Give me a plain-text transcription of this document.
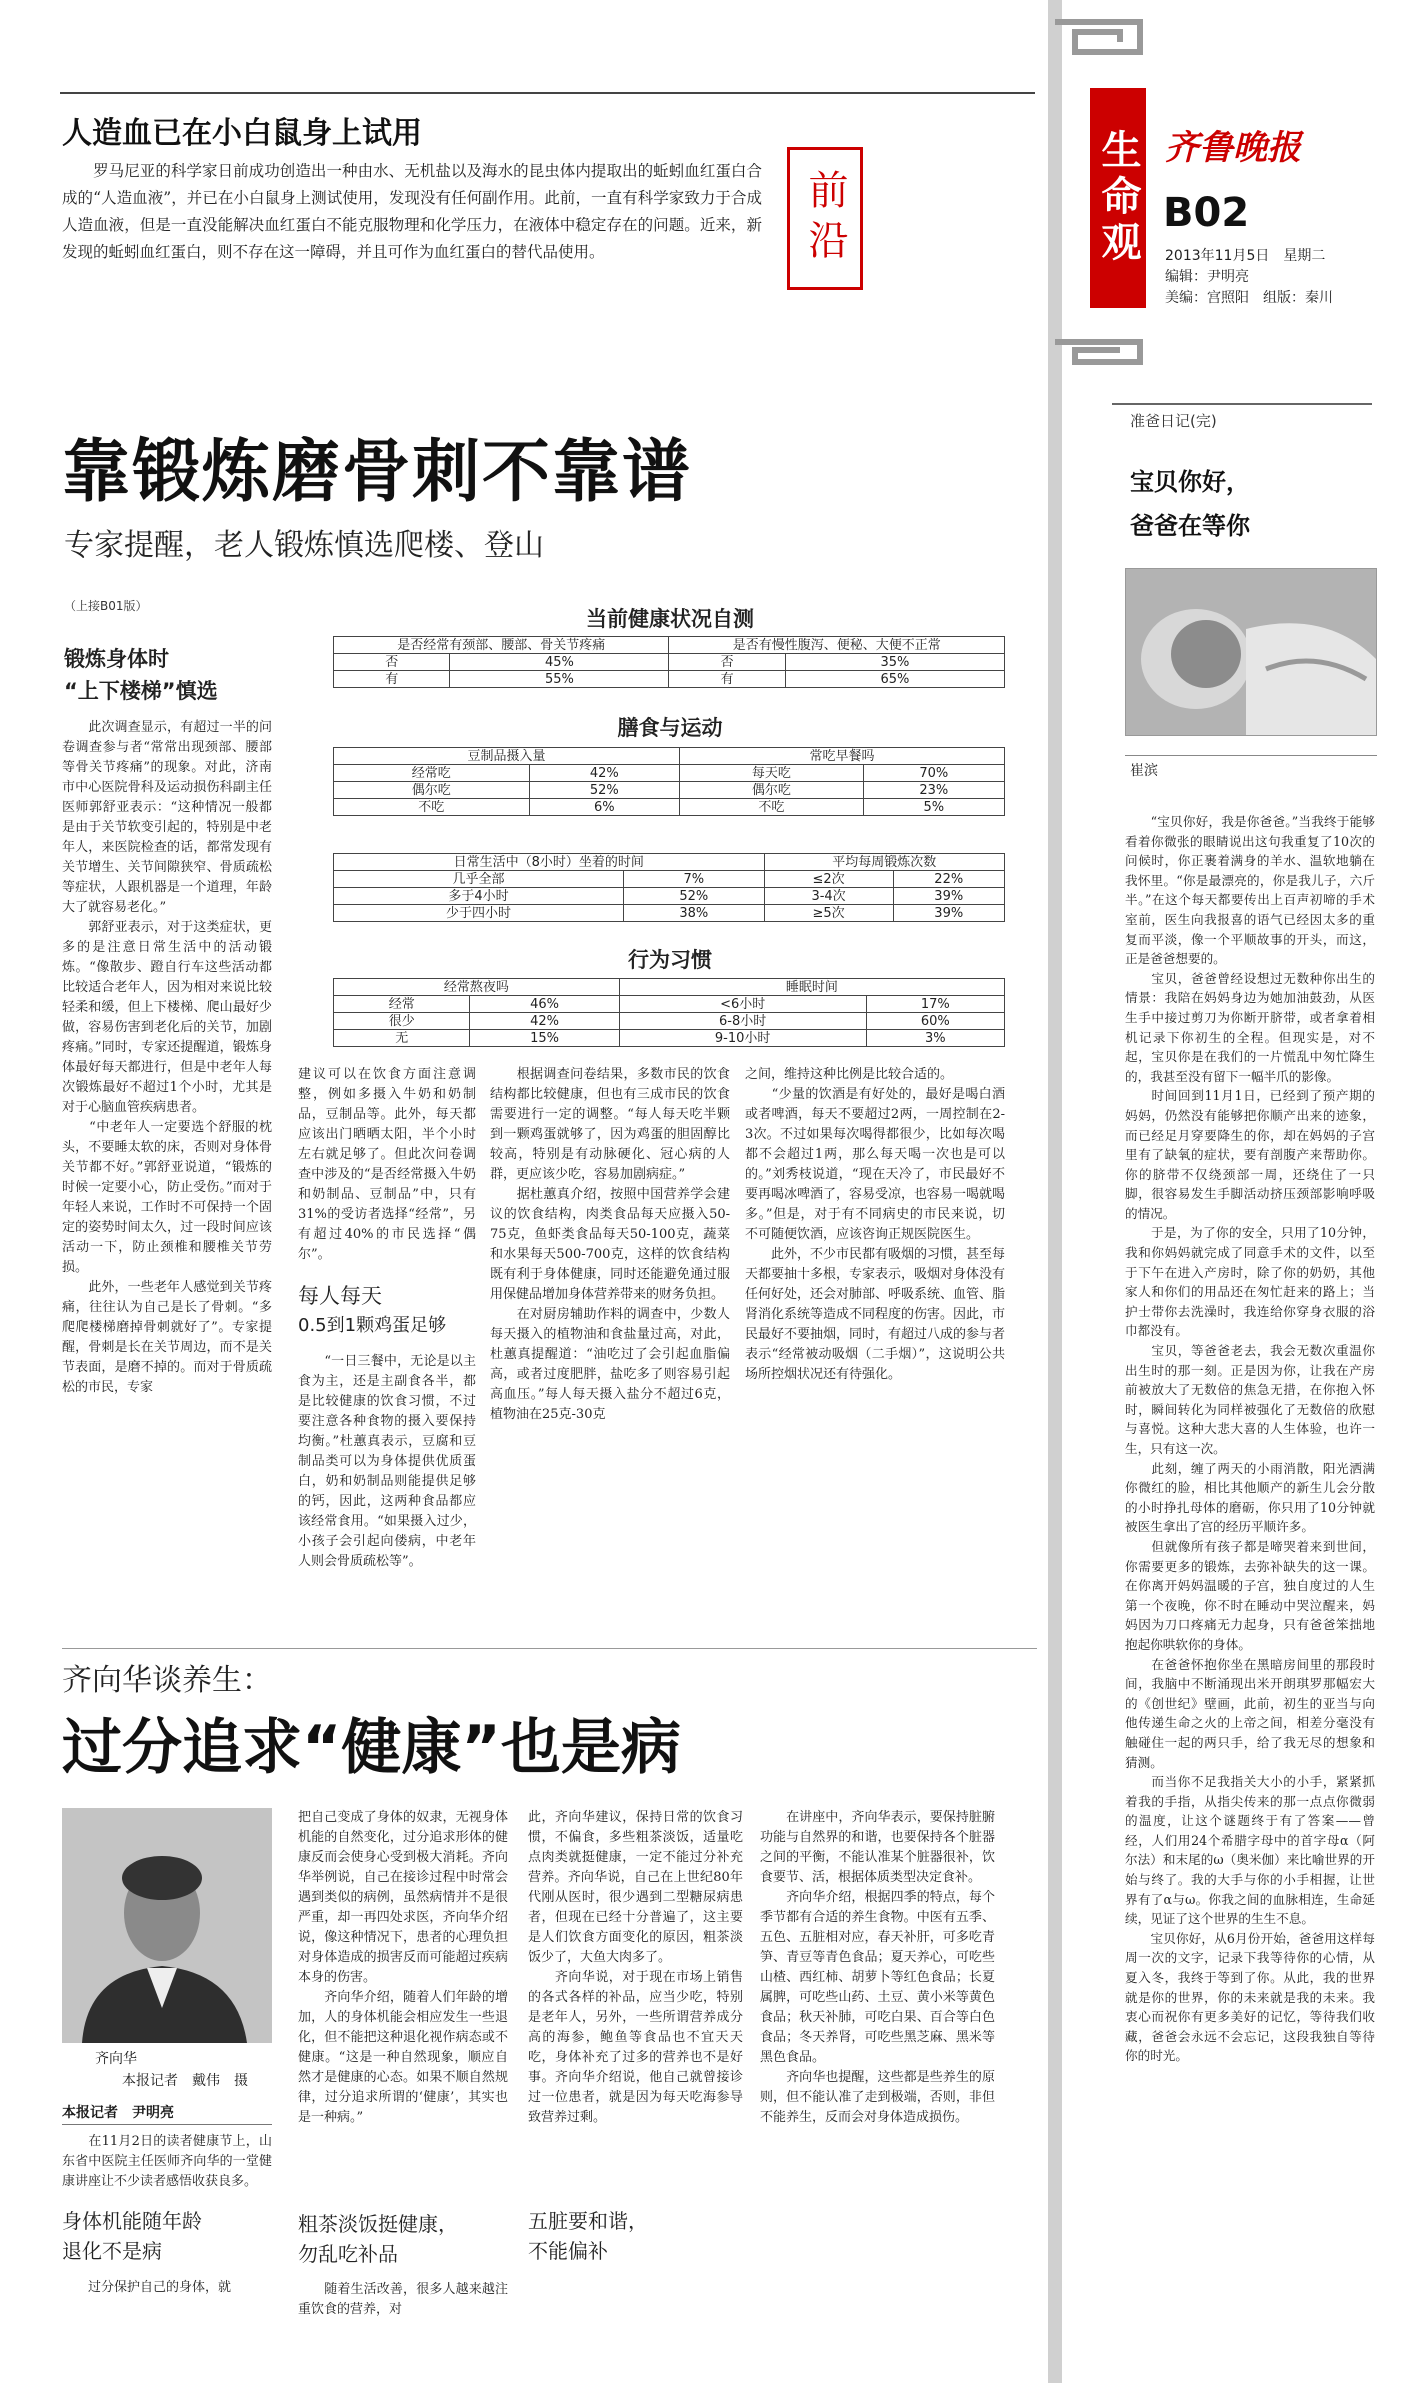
人造血已在小白鼠身上试用
　　罗马尼亚的科学家日前成功创造出一种由水、无机盐以及海水的昆虫体内提取出的蚯蚓血红蛋白合成的“人造血液”，并已在小白鼠身上测试使用，发现没有任何副作用。此前，一直有科学家致力于合成人造血液，但是一直没能解决血红蛋白不能克服物理和化学压力，在液体中稳定存在的问题。近来，新发现的蚯蚓血红蛋白，则不存在这一障碍，并且可作为血红蛋白的替代品使用。	前沿	生命观 齐鲁晚报
B02
2013年11月5日　星期二
编辑：尹明亮
美编：宫照阳　组版：秦川
靠锻炼磨骨刺不靠谱
专家提醒，老人锻炼慎选爬楼、登山
（上接B01版）
锻炼身体时
“上下楼梯”慎选
　　此次调查显示，有超过一半的问卷调查参与者“常常出现颈部、腰部等骨关节疼痛”的现象。对此，济南市中心医院骨科及运动损伤科副主任医师郭舒亚表示：“这种情况一般都是由于关节软变引起的，特别是中老年人，来医院检查的话，都常发现有关节增生、关节间隙狭窄、骨质疏松等症状，人跟机器是一个道理，年龄大了就容易老化。”
　　郭舒亚表示，对于这类症状，更多的是注意日常生活中的活动锻炼。“像散步、蹬自行车这些活动都比较适合老年人，因为相对来说比较轻柔和缓，但上下楼梯、爬山最好少做，容易伤害到老化后的关节，加剧疼痛。”同时，专家还提醒道，锻炼身体最好每天都进行，但是中老年人每次锻炼最好不超过1个小时，尤其是对于心脑血管疾病患者。
　　“中老年人一定要选个舒服的枕头，不要睡太软的床，否则对身体骨关节都不好。”郭舒亚说道，“锻炼的时候一定要小心，防止受伤。”而对于年轻人来说，工作时不可保持一个固定的姿势时间太久，过一段时间应该活动一下，防止颈椎和腰椎关节劳损。
　　此外，一些老年人感觉到关节疼痛，往往认为自己是长了骨刺。“多爬爬楼梯磨掉骨刺就好了”。专家提醒，骨刺是长在关节周边，而不是关节表面，是磨不掉的。而对于骨质疏松的市民，专家
当前健康状况自测
是否经常有颈部、腰部、骨关节疼痛		是否有慢性腹泻、便秘、大便不正常	
否	45%	否	35%
有	55%	有	65%
膳食与运动
豆制品摄入量		常吃早餐吗	
经常吃	42%	每天吃	70%
偶尔吃	52%	偶尔吃	23%
不吃	6%	不吃	5%
日常生活中（8小时）坐着的时间		平均每周锻炼次数	
几乎全部	7%	≤2次	22%
多于4小时	52%	3-4次	39%
少于四小时	38%	≥5次	39%
行为习惯
经常熬夜吗		睡眠时间	
经常	46%	<6小时	17%
很少	42%	6-8小时	60%
无	15%	9-10小时	3%
建议可以在饮食方面注意调整，例如多摄入牛奶和奶制品，豆制品等。此外，每天都应该出门晒晒太阳，半个小时左右就足够了。但此次问卷调查中涉及的“是否经常摄入牛奶和奶制品、豆制品”中，只有31%的受访者选择“经常”，另有超过40%的市民选择“偶尔”。
每人每天
0.5到1颗鸡蛋足够
　　“一日三餐中，无论是以主食为主，还是主副食各半，都是比较健康的饮食习惯，不过要注意各种食物的摄入要保持均衡。”杜蕙真表示，豆腐和豆制品类可以为身体提供优质蛋白，奶和奶制品则能提供足够的钙，因此，这两种食品都应该经常食用。“如果摄入过少，小孩子会引起向偻病，中老年人则会骨质疏松等”。
　　根据调查问卷结果，多数市民的饮食结构都比较健康，但也有三成市民的饮食需要进行一定的调整。“每人每天吃半颗到一颗鸡蛋就够了，因为鸡蛋的胆固醇比较高，特别是有动脉硬化、冠心病的人群，更应该少吃，容易加剧病症。”
　　据杜蕙真介绍，按照中国营养学会建议的饮食结构，肉类食品每天应摄入50-75克，鱼虾类食品每天50-100克，蔬菜和水果每天500-700克，这样的饮食结构既有利于身体健康，同时还能避免通过服用保健品增加身体营养带来的财务负担。
　　在对厨房辅助作料的调查中，少数人每天摄入的植物油和食盐量过高，对此，杜蕙真提醒道：“油吃过了会引起血脂偏高，或者过度肥胖，盐吃多了则容易引起高血压。”每人每天摄入盐分不超过6克，植物油在25克-30克
之间，维持这种比例是比较合适的。
　　“少量的饮酒是有好处的，最好是喝白酒或者啤酒，每天不要超过2两，一周控制在2-3次。不过如果每次喝得都很少，比如每次喝都不会超过1两，那么每天喝一次也是可以的。”刘秀枝说道，“现在天冷了，市民最好不要再喝冰啤酒了，容易受凉，也容易一喝就喝多。”但是，对于有不同病史的市民来说，切不可随便饮酒，应该咨询正规医院医生。
　　此外，不少市民都有吸烟的习惯，甚至每天都要抽十多根，专家表示，吸烟对身体没有任何好处，还会对肺部、呼吸系统、血管、脂肾消化系统等造成不同程度的伤害。因此，市民最好不要抽烟，同时，有超过八成的参与者表示“经常被动吸烟（二手烟）”，这说明公共场所控烟状况还有待强化。
齐向华谈养生：
过分追求“健康”也是病
齐向华
本报记者　戴伟　摄
本报记者　尹明亮
　　在11月2日的读者健康节上，山东省中医院主任医师齐向华的一堂健康讲座让不少读者感悟收获良多。
身体机能随年龄
退化不是病
　　过分保护自己的身体，就
把自己变成了身体的奴隶，无视身体机能的自然变化，过分追求形体的健康反而会使身心受到极大消耗。齐向华举例说，自己在接诊过程中时常会遇到类似的病例，虽然病情并不是很严重，却一再四处求医，齐向华介绍说，像这种情况下，患者的心理负担对身体造成的损害反而可能超过疾病本身的伤害。
　　齐向华介绍，随着人们年龄的增加，人的身体机能会相应发生一些退化，但不能把这种退化视作病态或不健康。“这是一种自然现象，顺应自然才是健康的心态。如果不顺自然规律，过分追求所谓的‘健康’，其实也是一种病。”
粗茶淡饭挺健康，
勿乱吃补品
　　随着生活改善，很多人越来越注重饮食的营养，对
此，齐向华建议，保持日常的饮食习惯，不偏食，多些粗茶淡饭，适量吃点肉类就挺健康，一定不能过分补充营养。齐向华说，自己在上世纪80年代刚从医时，很少遇到二型糖尿病患者，但现在已经十分普遍了，这主要是人们饮食方面变化的原因，粗茶淡饭少了，大鱼大肉多了。
　　齐向华说，对于现在市场上销售的各式各样的补品，应当少吃，特别是老年人，另外，一些所谓营养成分高的海参，鲍鱼等食品也不宜天天吃，身体补充了过多的营养也不是好事。齐向华介绍说，他自己就曾接诊过一位患者，就是因为每天吃海参导致营养过剩。
五脏要和谐，
不能偏补
　　在讲座中，齐向华表示，要保持脏腑功能与自然界的和谐，也要保持各个脏器之间的平衡，不能认准某个脏器很补，饮食要节、活，根据体质类型决定食补。
　　齐向华介绍，根据四季的特点，每个季节都有合适的养生食物。中医有五季、五色、五脏相对应，春天补肝，可多吃青笋、青豆等青色食品；夏天养心，可吃些山楂、西红柿、胡萝卜等红色食品；长夏属脾，可吃些山药、土豆、黄小米等黄色食品；秋天补肺，可吃白果、百合等白色食品；冬天养肾，可吃些黑芝麻、黑米等黑色食品。
　　齐向华也提醒，这些都是些养生的原则，但不能认准了走到极端，否则，非但不能养生，反而会对身体造成损伤。
准爸日记(完)
宝贝你好，
爸爸在等你
崔滨
　　“宝贝你好，我是你爸爸。”当我终于能够看着你微张的眼睛说出这句我重复了10次的问候时，你正裹着满身的羊水、温软地躺在我怀里。“你是最漂亮的，你是我儿子，六斤半。”在这个每天都要传出上百声初啼的手术室前，医生向我报喜的语气已经因太多的重复而平淡，像一个平顺故事的开头，而这，正是爸爸想要的。
　　宝贝，爸爸曾经设想过无数种你出生的情景：我陪在妈妈身边为她加油鼓劲，从医生手中接过剪刀为你断开脐带，或者拿着相机记录下你初生的全程。但现实是，对不起，宝贝你是在我们的一片慌乱中匆忙降生的，我甚至没有留下一幅半爪的影像。
　　时间回到11月1日，已经到了预产期的妈妈，仍然没有能够把你顺产出来的迹象，而已经足月穿要降生的你，却在妈妈的子宫里有了缺氧的症状，要有剖腹产来帮助你。你的脐带不仅绕颈部一周，还绕住了一只脚，很容易发生手脚活动挤压颈部影响呼吸的情况。
　　于是，为了你的安全，只用了10分钟，我和你妈妈就完成了同意手术的文件，以至于下午在进入产房时，除了你的奶奶，其他家人和你们的用品还在匆忙赶来的路上；当护士带你去洗澡时，我连给你穿身衣服的浴巾都没有。
　　宝贝，等爸爸老去，我会无数次重温你出生时的那一刻。正是因为你，让我在产房前被放大了无数倍的焦急无措，在你抱入怀时，瞬间转化为同样被强化了无数倍的欣慰与喜悦。这种大悲大喜的人生体验，也许一生，只有这一次。
　　此刻，缠了两天的小雨消散，阳光洒满你微红的脸，相比其他顺产的新生儿会分散的小时挣扎母体的磨砺，你只用了10分钟就被医生拿出了宫的经历平顺许多。
　　但就像所有孩子都是啼哭着来到世间，你需要更多的锻炼，去弥补缺失的这一课。在你离开妈妈温暖的子宫，独自度过的人生第一个夜晚，你不时在睡动中哭泣醒来，妈妈因为刀口疼痛无力起身，只有爸爸笨拙地抱起你哄软你的身体。
　　在爸爸怀抱你坐在黑暗房间里的那段时间，我脑中不断涌现出米开朗琪罗那幅宏大的《创世纪》壁画，此前，初生的亚当与向他传递生命之火的上帝之间，相差分毫没有触碰住一起的两只手，给了我无尽的想象和猜测。
　　而当你不足我指关大小的小手，紧紧抓着我的手指，从指尖传来的那一点点你微弱的温度，让这个谜题终于有了答案——曾经，人们用24个希腊字母中的首字母α（阿尔法）和末尾的ω（奥米伽）来比喻世界的开始与终了。我的大手与你的小手相握，让世界有了α与ω。你我之间的血脉相连，生命延续，见证了这个世界的生生不息。
　　宝贝你好，从6月份开始，爸爸用这样每周一次的文字，记录下我等待你的心情，从夏入冬，我终于等到了你。从此，我的世界就是你的世界，你的未来就是我的未来。我衷心而祝你有更多美好的记忆，等待我们收藏，爸爸会永远不会忘记，这段我独自等待你的时光。
